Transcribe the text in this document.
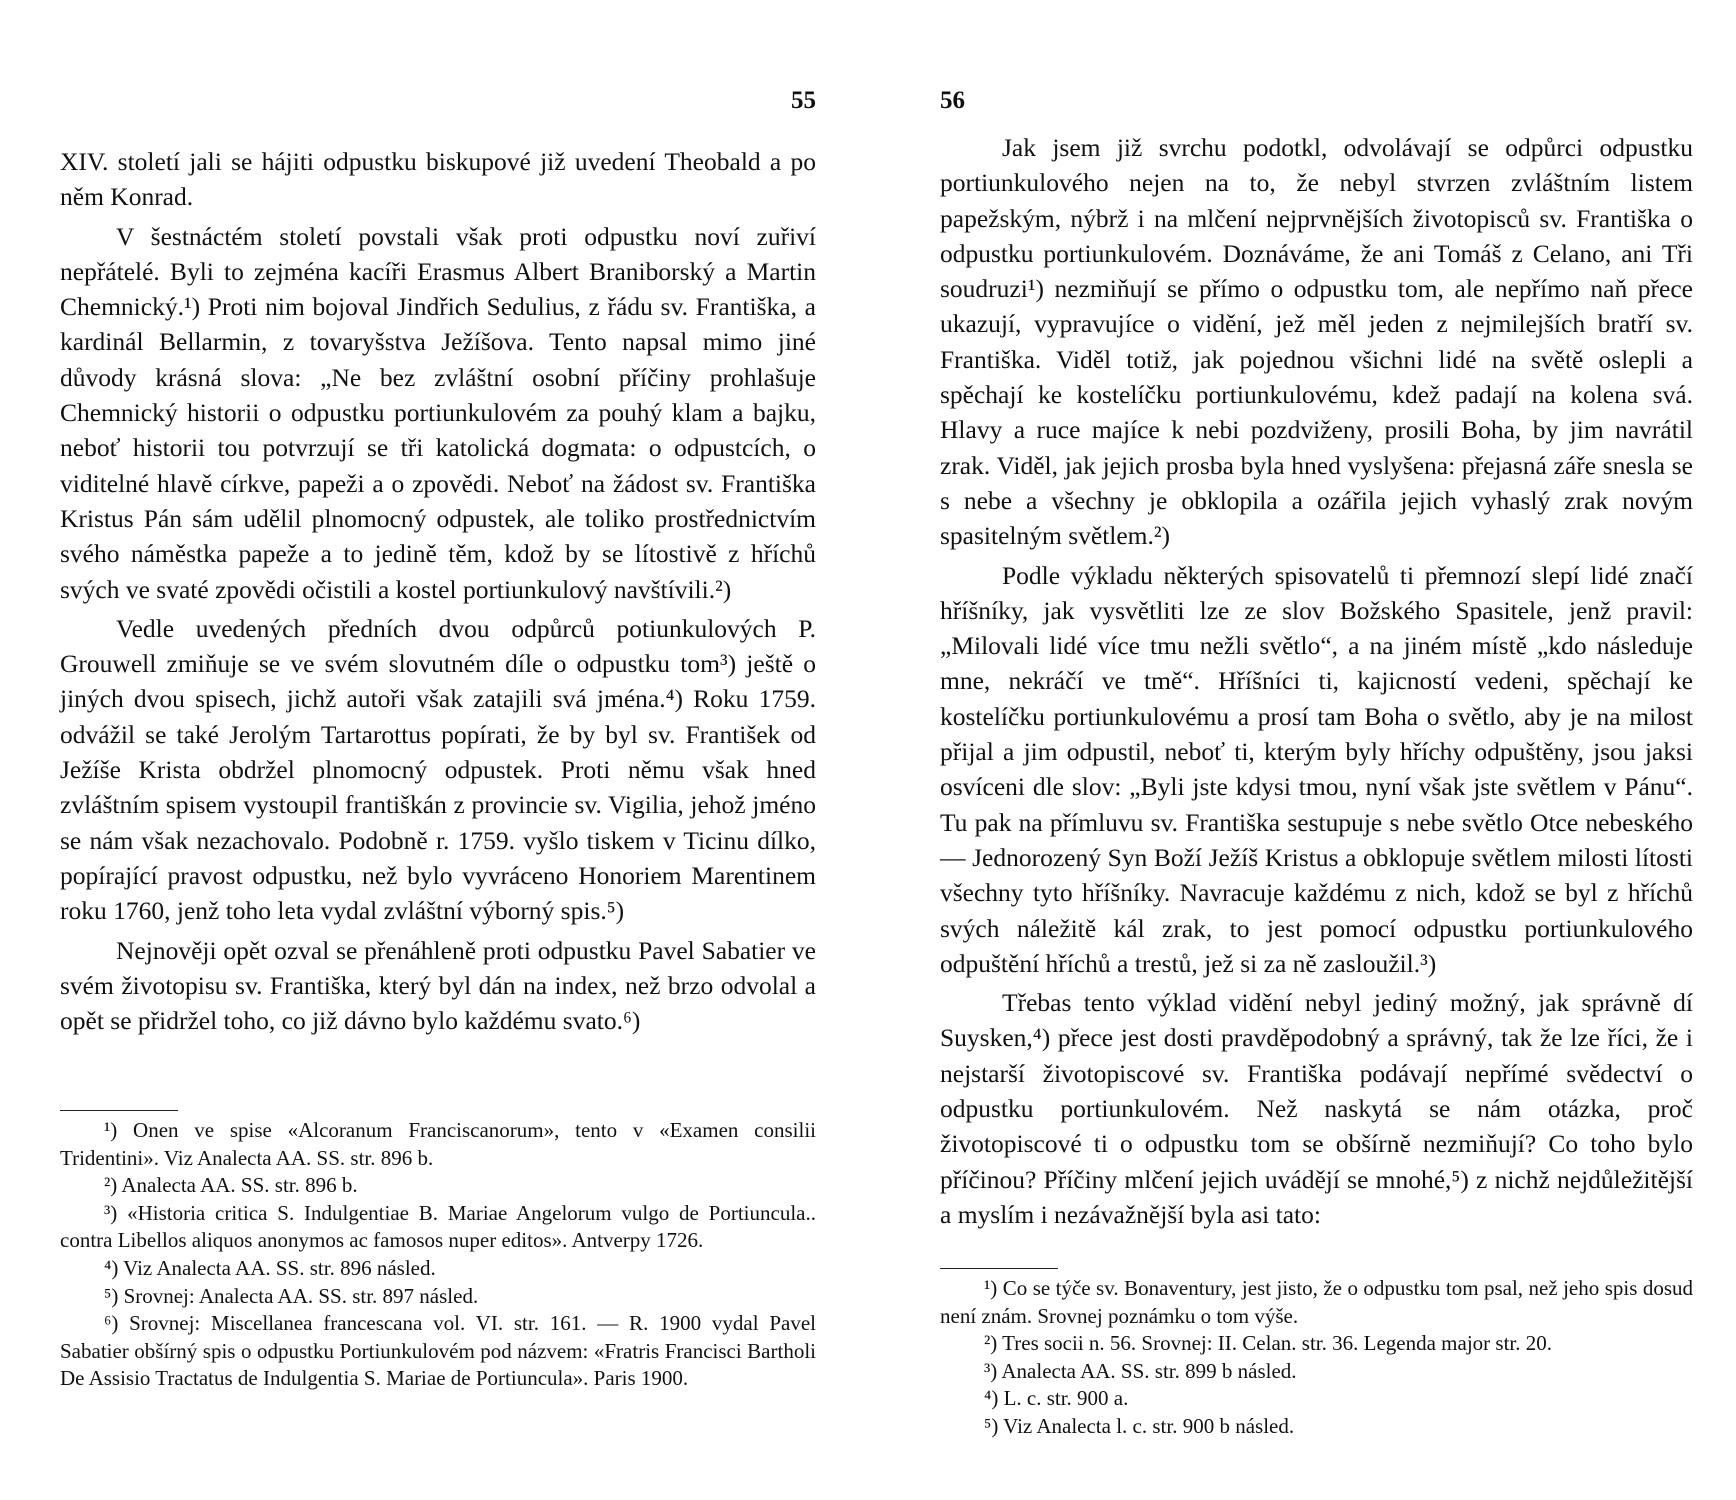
55

XIV. století jali se hájiti odpustku biskupové již uvedení Theobald a po něm Konrad.

V šestnáctém století povstali však proti odpustku noví zuřiví nepřátelé. Byli to zejména kacíři Erasmus Albert Braniborský a Martin Chemnický.¹) Proti nim bojoval Jindřich Sedulius, z řádu sv. Františka, a kardinál Bellarmin, z tovaryšstva Ježíšova. Tento napsal mimo jiné důvody krásná slova: „Ne bez zvláštní osobní příčiny prohlašuje Chemnický historii o odpustku portiunkulovém za pouhý klam a bajku, neboť historii tou potvrzují se tři katolická dogmata: o odpustcích, o viditelné hlavě církve, papeži a o zpovědi. Neboť na žádost sv. Františka Kristus Pán sám udělil plnomocný odpustek, ale toliko prostřednictvím svého náměstka papeže a to jedině těm, kdož by se lítostivě z hříchů svých ve svaté zpovědi očistili a kostel portiunkulový navštívili.²)

Vedle uvedených předních dvou odpůrců potiunkulových P. Grouwell zmiňuje se ve svém slovutném díle o odpustku tom³) ještě o jiných dvou spisech, jichž autoři však zatajili svá jména.⁴) Roku 1759. odvážil se také Jerolým Tartarottus popírati, že by byl sv. František od Ježíše Krista obdržel plnomocný odpustek. Proti němu však hned zvláštním spisem vystoupil františkán z provincie sv. Vigilia, jehož jméno se nám však nezachovalo. Podobně r. 1759. vyšlo tiskem v Ticinu dílko, popírající pravost odpustku, než bylo vyvráceno Honoriem Marentinem roku 1760, jenž toho leta vydal zvláštní výborný spis.⁵)

Nejnověji opět ozval se přenáhleně proti odpustku Pavel Sabatier ve svém životopisu sv. Františka, který byl dán na index, než brzo odvolal a opět se přidržel toho, co již dávno bylo každému svato.⁶)

¹) Onen ve spise «Alcoranum Franciscanorum», tento v «Examen consilii Tridentini». Viz Analecta AA. SS. str. 896 b.

²) Analecta AA. SS. str. 896 b.

³) «Historia critica S. Indulgentiae B. Mariae Angelorum vulgo de Portiuncula.. contra Libellos aliquos anonymos ac famosos nuper editos». Antverpy 1726.

⁴) Viz Analecta AA. SS. str. 896 násled.

⁵) Srovnej: Analecta AA. SS. str. 897 násled.

⁶) Srovnej: Miscellanea francescana vol. VI. str. 161. — R. 1900 vydal Pavel Sabatier obšírný spis o odpustku Portiunkulovém pod názvem: «Fratris Francisci Bartholi De Assisio Tractatus de Indulgentia S. Mariae de Portiuncula». Paris 1900.

56

Jak jsem již svrchu podotkl, odvolávají se odpůrci odpustku portiunkulového nejen na to, že nebyl stvrzen zvláštním listem papežským, nýbrž i na mlčení nejprvnějších životopisců sv. Františka o odpustku portiunkulovém. Doznáváme, že ani Tomáš z Celano, ani Tři soudruzi¹) nezmiňují se přímo o odpustku tom, ale nepřímo naň přece ukazují, vypravujíce o vidění, jež měl jeden z nejmilejších bratří sv. Františka. Viděl totiž, jak pojednou všichni lidé na světě oslepli a spěchají ke kostelíčku portiunkulovému, kdež padají na kolena svá. Hlavy a ruce majíce k nebi pozdviženy, prosili Boha, by jim navrátil zrak. Viděl, jak jejich prosba byla hned vyslyšena: přejasná záře snesla se s nebe a všechny je obklopila a ozářila jejich vyhaslý zrak novým spasitelným světlem.²)

Podle výkladu některých spisovatelů ti přemnozí slepí lidé značí hříšníky, jak vysvětliti lze ze slov Božského Spasitele, jenž pravil: „Milovali lidé více tmu nežli světlo“, a na jiném místě „kdo následuje mne, nekráčí ve tmě“. Hříšníci ti, kajicností vedeni, spěchají ke kostelíčku portiunkulovému a prosí tam Boha o světlo, aby je na milost přijal a jim odpustil, neboť ti, kterým byly hříchy odpuštěny, jsou jaksi osvíceni dle slov: „Byli jste kdysi tmou, nyní však jste světlem v Pánu“. Tu pak na přímluvu sv. Františka sestupuje s nebe světlo Otce nebeského — Jednorozený Syn Boží Ježíš Kristus a obklopuje světlem milosti lítosti všechny tyto hříšníky. Navracuje každému z nich, kdož se byl z hříchů svých náležitě kál zrak, to jest pomocí odpustku portiunkulového odpuštění hříchů a trestů, jež si za ně zasloužil.³)

Třebas tento výklad vidění nebyl jediný možný, jak správně dí Suysken,⁴) přece jest dosti pravděpodobný a správný, tak že lze říci, že i nejstarší životopiscové sv. Františka podávají nepřímé svědectví o odpustku portiunkulovém. Než naskytá se nám otázka, proč životopiscové ti o odpustku tom se obšírně nezmiňují? Co toho bylo příčinou? Příčiny mlčení jejich uvádějí se mnohé,⁵) z nichž nejdůležitější a myslím i nezávažnější byla asi tato:

¹) Co se týče sv. Bonaventury, jest jisto, že o odpustku tom psal, než jeho spis dosud není znám. Srovnej poznámku o tom výše.

²) Tres socii n. 56. Srovnej: II. Celan. str. 36. Legenda major str. 20.

³) Analecta AA. SS. str. 899 b násled.

⁴) L. c. str. 900 a.

⁵) Viz Analecta l. c. str. 900 b násled.
